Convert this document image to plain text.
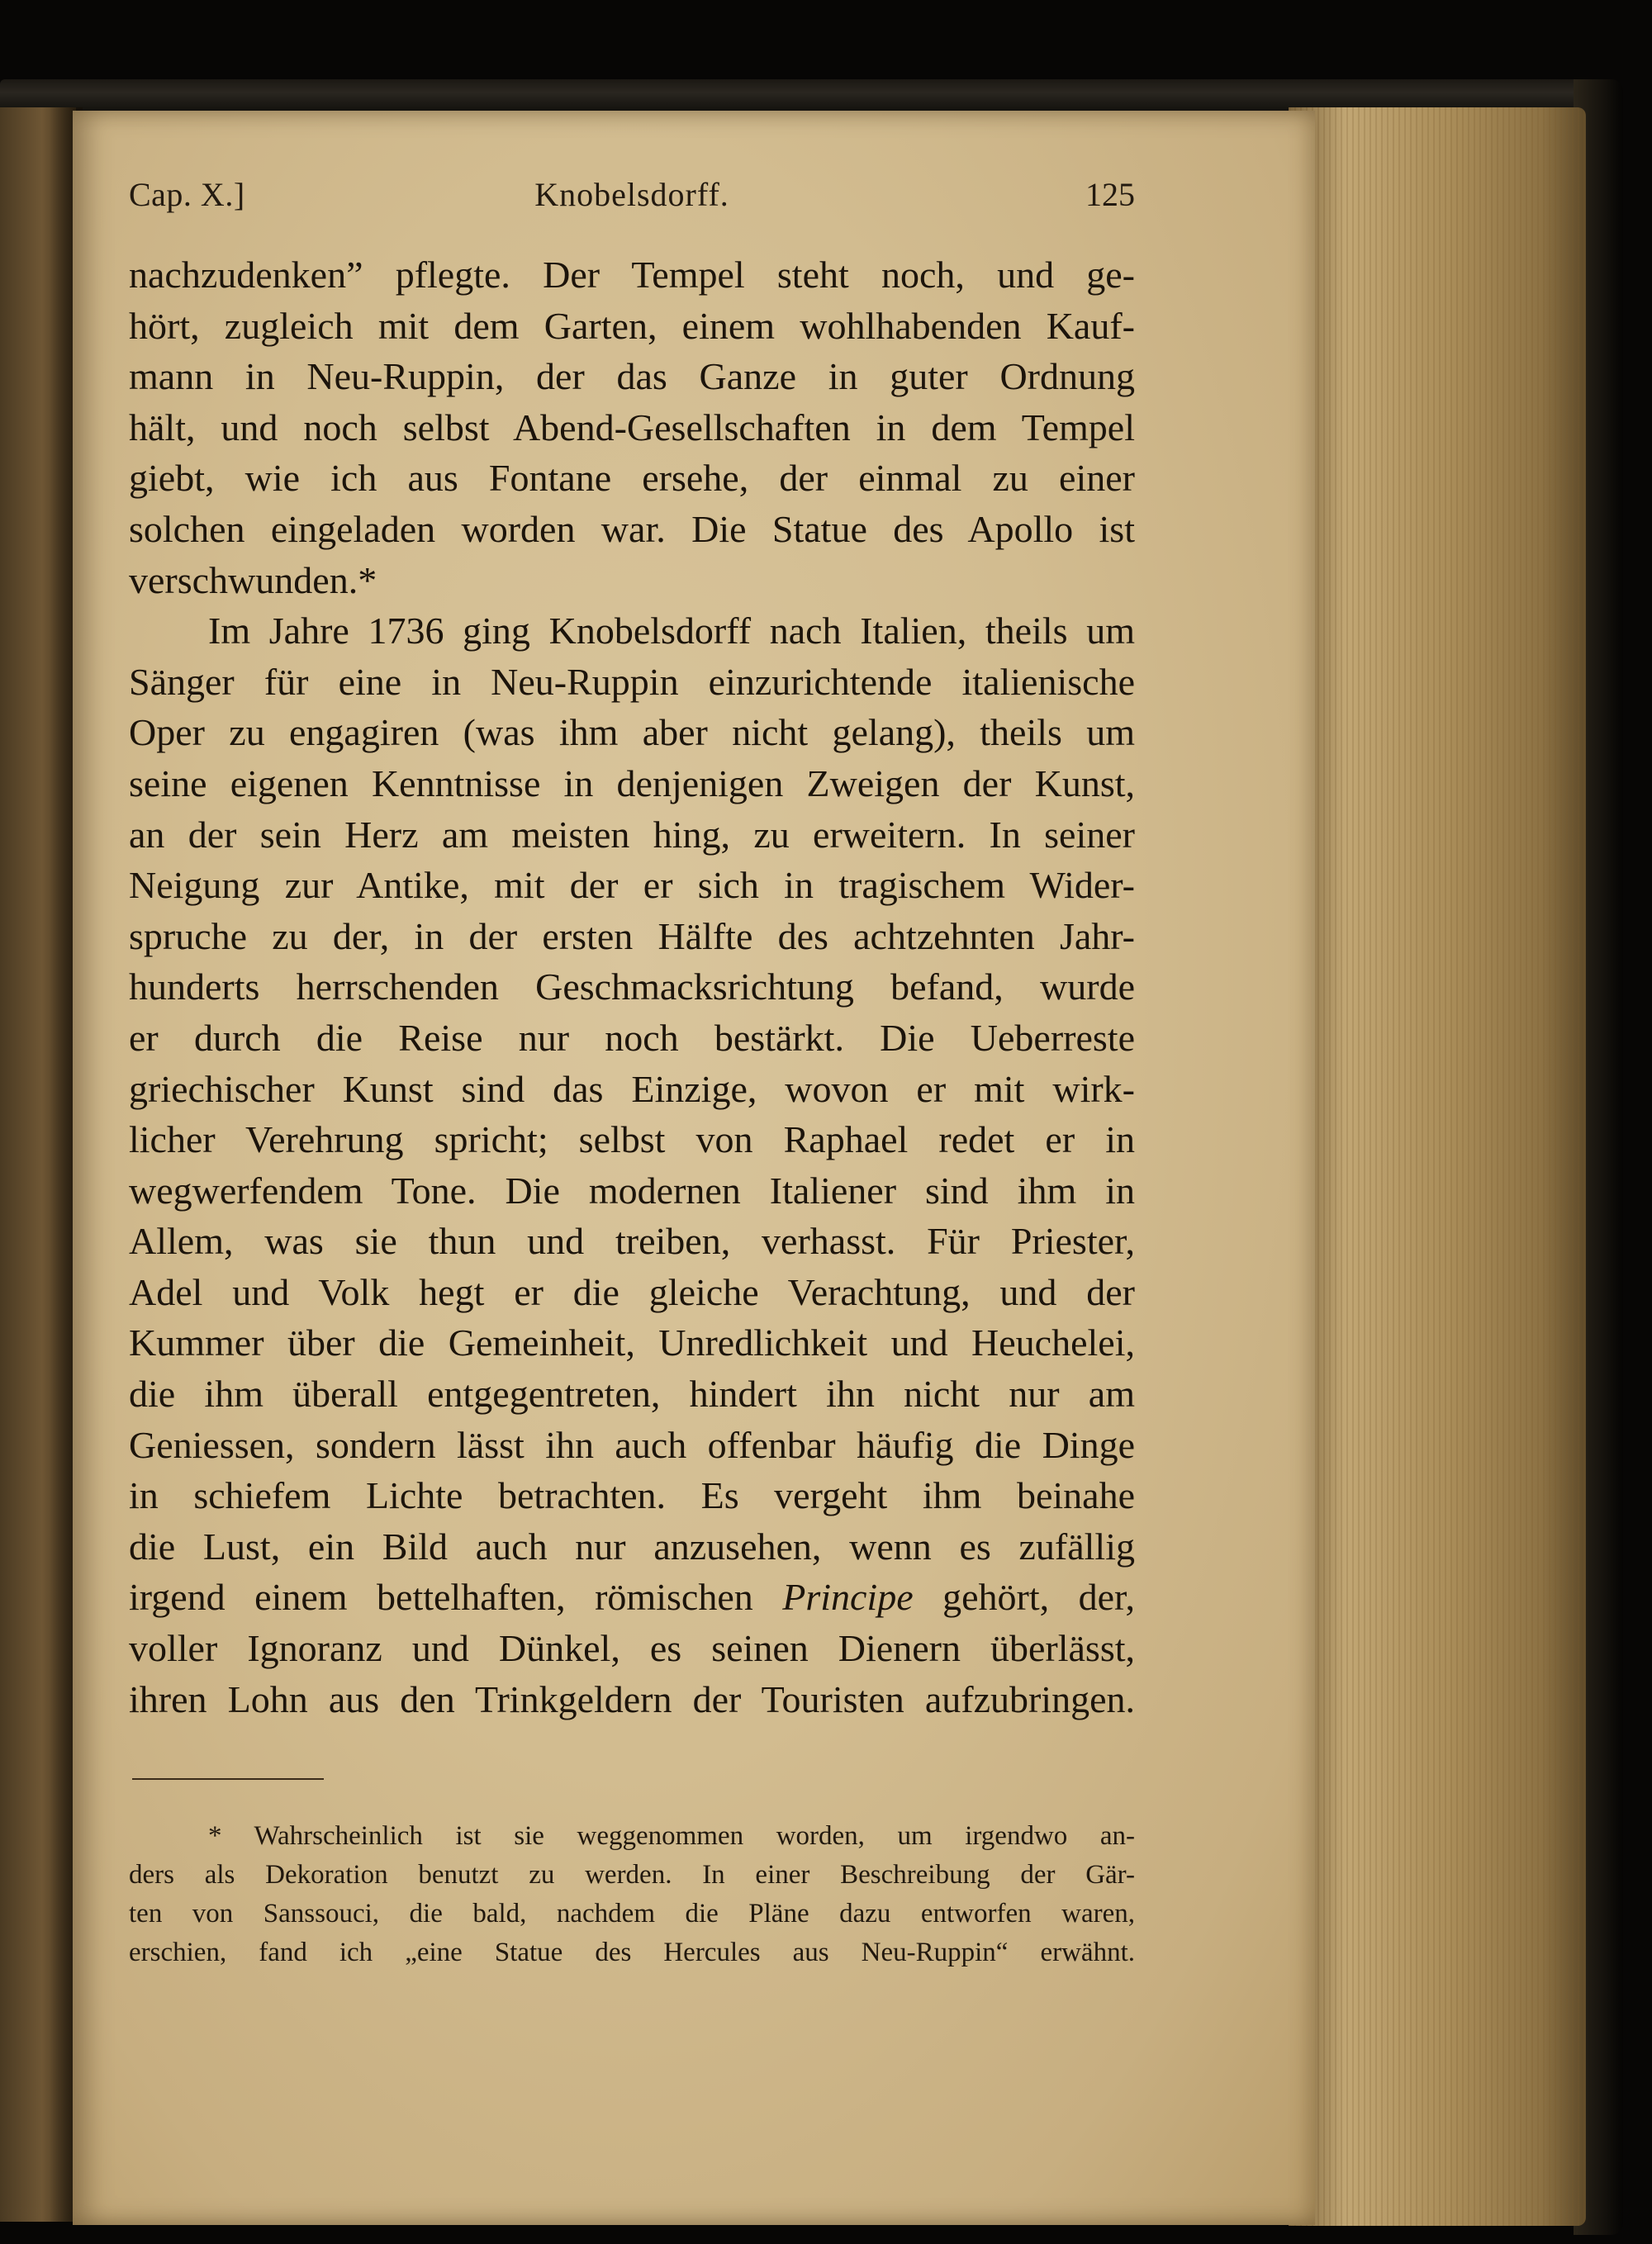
Cap. X.]	Knobelsdorff.	125
nachzudenken” pflegte. Der Tempel steht noch, und ge-
hört, zugleich mit dem Garten, einem wohlhabenden Kauf-
mann in Neu-Ruppin, der das Ganze in guter Ordnung
hält, und noch selbst Abend-Gesellschaften in dem Tempel
giebt, wie ich aus Fontane ersehe, der einmal zu einer
solchen eingeladen worden war. Die Statue des Apollo ist
verschwunden.*
Im Jahre 1736 ging Knobelsdorff nach Italien, theils um
Sänger für eine in Neu-Ruppin einzurichtende italienische
Oper zu engagiren (was ihm aber nicht gelang), theils um
seine eigenen Kenntnisse in denjenigen Zweigen der Kunst,
an der sein Herz am meisten hing, zu erweitern. In seiner
Neigung zur Antike, mit der er sich in tragischem Wider-
spruche zu der, in der ersten Hälfte des achtzehnten Jahr-
hunderts herrschenden Geschmacksrichtung befand, wurde
er durch die Reise nur noch bestärkt. Die Ueberreste
griechischer Kunst sind das Einzige, wovon er mit wirk-
licher Verehrung spricht; selbst von Raphael redet er in
wegwerfendem Tone. Die modernen Italiener sind ihm in
Allem, was sie thun und treiben, verhasst. Für Priester,
Adel und Volk hegt er die gleiche Verachtung, und der
Kummer über die Gemeinheit, Unredlichkeit und Heuchelei,
die ihm überall entgegentreten, hindert ihn nicht nur am
Geniessen, sondern lässt ihn auch offenbar häufig die Dinge
in schiefem Lichte betrachten. Es vergeht ihm beinahe
die Lust, ein Bild auch nur anzusehen, wenn es zufällig
irgend einem bettelhaften, römischen Principe gehört, der,
voller Ignoranz und Dünkel, es seinen Dienern überlässt,
ihren Lohn aus den Trinkgeldern der Touristen aufzubringen.
* Wahrscheinlich ist sie weggenommen worden, um irgendwo an-
ders als Dekoration benutzt zu werden. In einer Beschreibung der Gär-
ten von Sanssouci, die bald, nachdem die Pläne dazu entworfen waren,
erschien, fand ich „eine Statue des Hercules aus Neu-Ruppin“ erwähnt.
